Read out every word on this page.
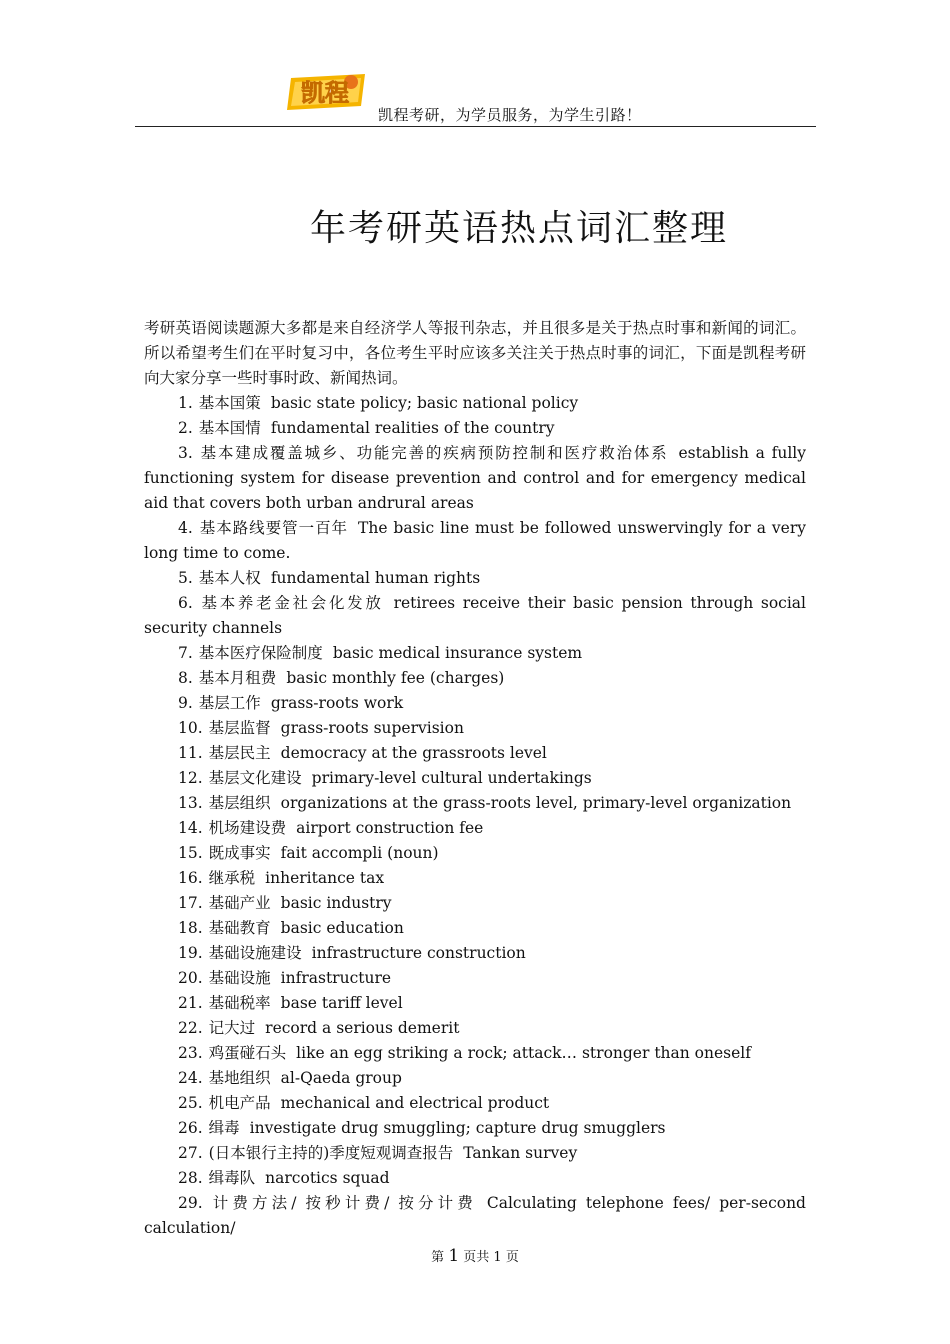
凯程
凯程考研，为学员服务，为学生引路！
年考研英语热点词汇整理

考研英语阅读题源大多都是来自经济学人等报刊杂志，并且很多是关于热点时事和新闻的词汇。所以希望考生们在平时复习中，各位考生平时应该多关注关于热点时事的词汇，下面是凯程考研向大家分享一些时事时政、新闻热词。

1. 基本国策 basic state policy; basic national policy
2. 基本国情 fundamental realities of the country
3. 基本建成覆盖城乡、功能完善的疾病预防控制和医疗救治体系 establish a fully functioning system for disease prevention and control and for emergency medical aid that covers both urban andrural areas
4. 基本路线要管一百年 The basic line must be followed unswervingly for a very long time to come.
5. 基本人权 fundamental human rights
6. 基本养老金社会化发放 retirees receive their basic pension through social security channels
7. 基本医疗保险制度 basic medical insurance system
8. 基本月租费 basic monthly fee (charges)
9. 基层工作 grass-roots work
10. 基层监督 grass-roots supervision
11. 基层民主 democracy at the grassroots level
12. 基层文化建设 primary-level cultural undertakings
13. 基层组织 organizations at the grass-roots level, primary-level organization
14. 机场建设费 airport construction fee
15. 既成事实 fait accompli (noun)
16. 继承税 inheritance tax
17. 基础产业 basic industry
18. 基础教育 basic education
19. 基础设施建设 infrastructure construction
20. 基础设施 infrastructure
21. 基础税率 base tariff level
22. 记大过 record a serious demerit
23. 鸡蛋碰石头 like an egg striking a rock; attack… stronger than oneself
24. 基地组织 al-Qaeda group
25. 机电产品 mechanical and electrical product
26. 缉毒 investigate drug smuggling; capture drug smugglers
27. (日本银行主持的)季度短观调查报告 Tankan survey
28. 缉毒队 narcotics squad
29. 计费方法/ 按秒计费/ 按分计费 Calculating telephone fees/ per-second calculation/
第 1 页共 1 页
